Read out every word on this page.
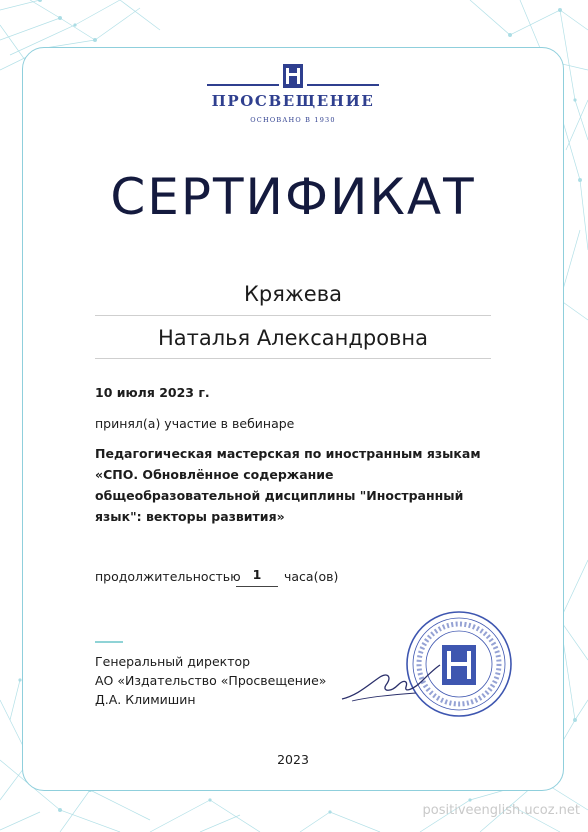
ПРОСВЕЩЕНИЕ
ОСНОВАНО В 1930
СЕРТИФИКАТ
Кряжева
Наталья Александровна
10 июля 2023 г.
принял(а) участие в вебинаре
Педагогическая мастерская по иностранным языкам
«СПО. Обновлённое содержание
общеобразовательной дисциплины "Иностранный
язык": векторы развития»
продолжительностью 1	часа(ов)
Генеральный директор
АО «Издательство «Просвещение»
Д.А. Климишин
2023
positiveenglish.ucoz.net
